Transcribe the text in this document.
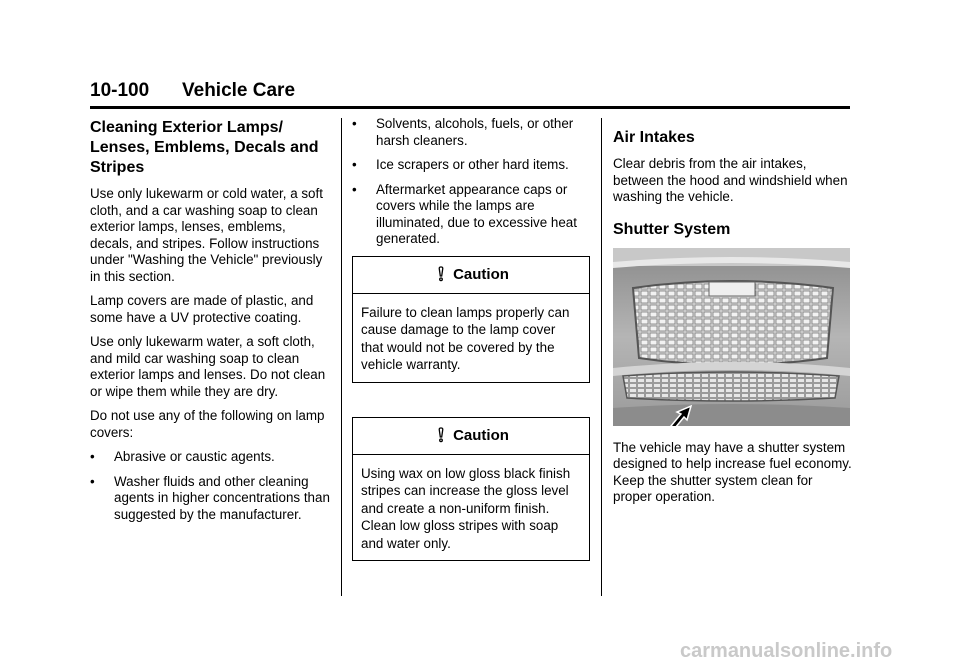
10-100 Vehicle Care
Cleaning Exterior Lamps/ Lenses, Emblems, Decals and Stripes

Use only lukewarm or cold water, a soft cloth, and a car washing soap to clean exterior lamps, lenses, emblems, decals, and stripes. Follow instructions under "Washing the Vehicle" previously in this section.

Lamp covers are made of plastic, and some have a UV protective coating.

Use only lukewarm water, a soft cloth, and mild car washing soap to clean exterior lamps and lenses. Do not clean or wipe them while they are dry.

Do not use any of the following on lamp covers:

• Abrasive or caustic agents.
• Washer fluids and other cleaning agents in higher concentrations than suggested by the manufacturer.
• Solvents, alcohols, fuels, or other harsh cleaners.
• Ice scrapers or other hard items.
• Aftermarket appearance caps or covers while the lamps are illuminated, due to excessive heat generated.
Caution
Failure to clean lamps properly can cause damage to the lamp cover that would not be covered by the vehicle warranty.
Caution
Using wax on low gloss black finish stripes can increase the gloss level and create a non-uniform finish. Clean low gloss stripes with soap and water only.
Air Intakes

Clear debris from the air intakes, between the hood and windshield when washing the vehicle.

Shutter System

The vehicle may have a shutter system designed to help increase fuel economy. Keep the shutter system clean for proper operation.

carmanualsonline.info
